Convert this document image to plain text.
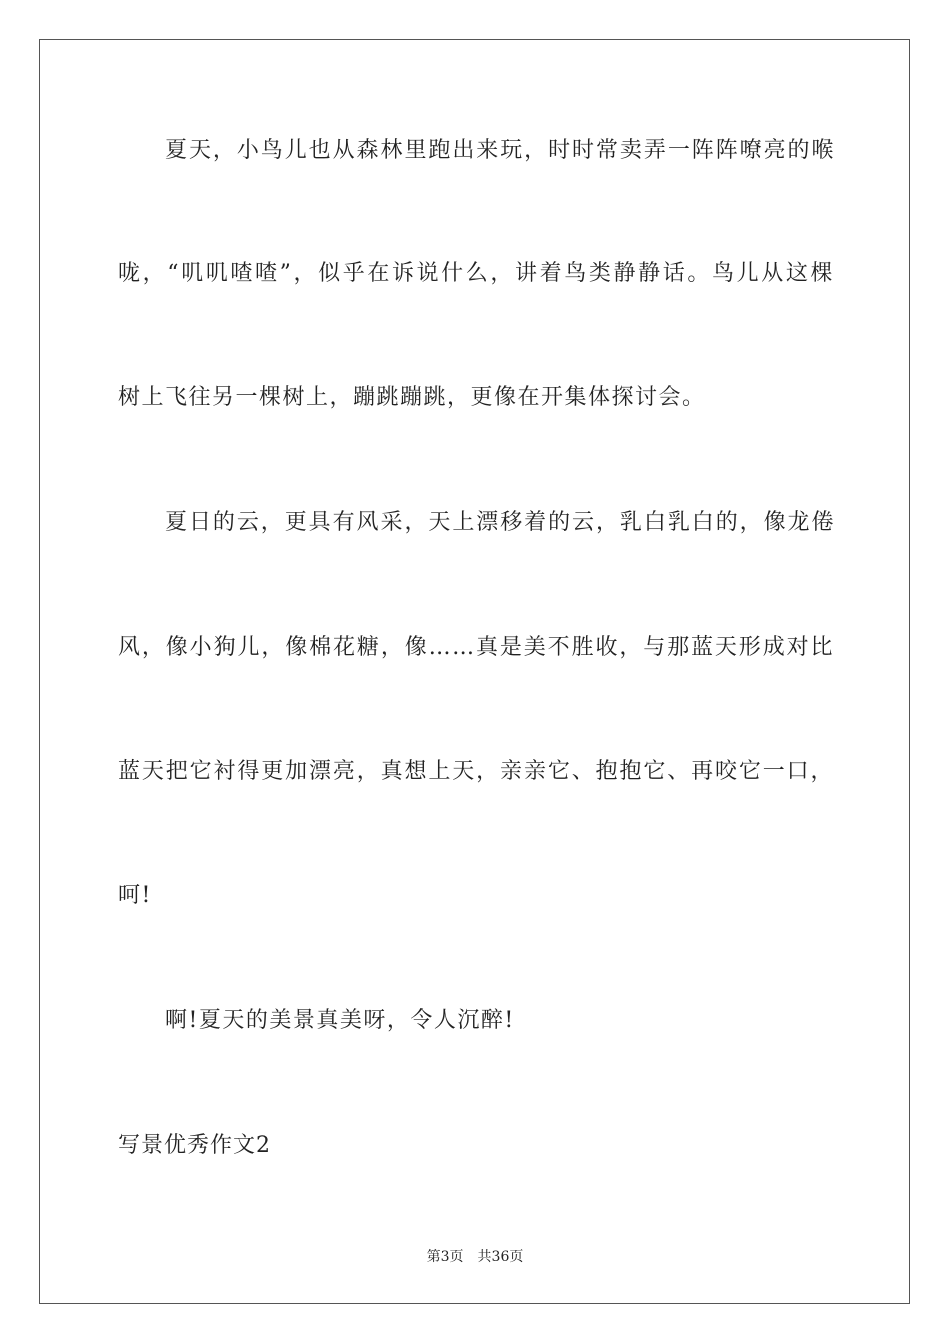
夏天，小鸟儿也从森林里跑出来玩，时时常卖弄一阵阵嘹亮的喉
咙，“叽叽喳喳”，似乎在诉说什么，讲着鸟类静静话。鸟儿从这棵
树上飞往另一棵树上，蹦跳蹦跳，更像在开集体探讨会。
夏日的云，更具有风采，天上漂移着的云，乳白乳白的，像龙倦
风，像小狗儿，像棉花糖，像……真是美不胜收，与那蓝天形成对比
蓝天把它衬得更加漂亮，真想上天，亲亲它、抱抱它、再咬它一口，
呵!
啊!夏天的美景真美呀，令人沉醉!
写景优秀作文2
第3页 共36页
